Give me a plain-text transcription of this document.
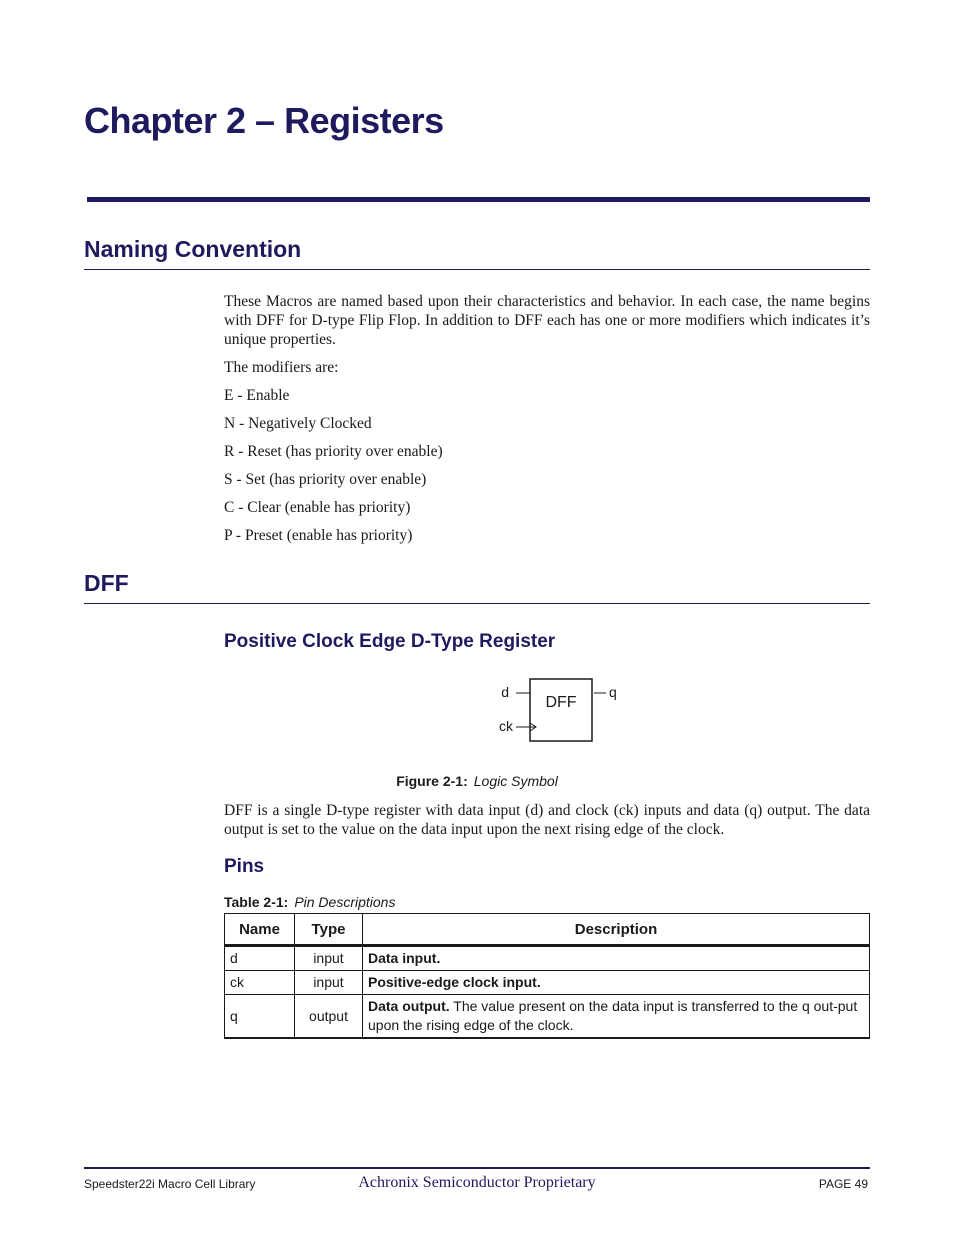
Chapter 2 – Registers
Naming Convention

These Macros are named based upon their characteristics and behavior. In each case, the name begins with DFF for D-type Flip Flop. In addition to DFF each has one or more modifiers which indicates it’s unique properties.

The modifiers are:

E - Enable

N - Negatively Clocked

R - Reset (has priority over enable)

S - Set (has priority over enable)

C - Clear (enable has priority)

P - Preset (enable has priority)

DFF
Positive Clock Edge D-Type Register
DFF
d
ck
q
Figure 2-1: Logic Symbol

DFF is a single D-type register with data input (d) and clock (ck) inputs and data (q) output. The data output is set to the value on the data input upon the next rising edge of the clock.

Pins
Table 2-1: Pin Descriptions
Name	Type	Description
d	input	Data input.
ck	input	Positive-edge clock input.
q	output	Data output. The value present on the data input is transferred to the q out-put upon the rising edge of the clock.
Speedster22i Macro Cell Library	Achronix Semiconductor Proprietary	PAGE 49
